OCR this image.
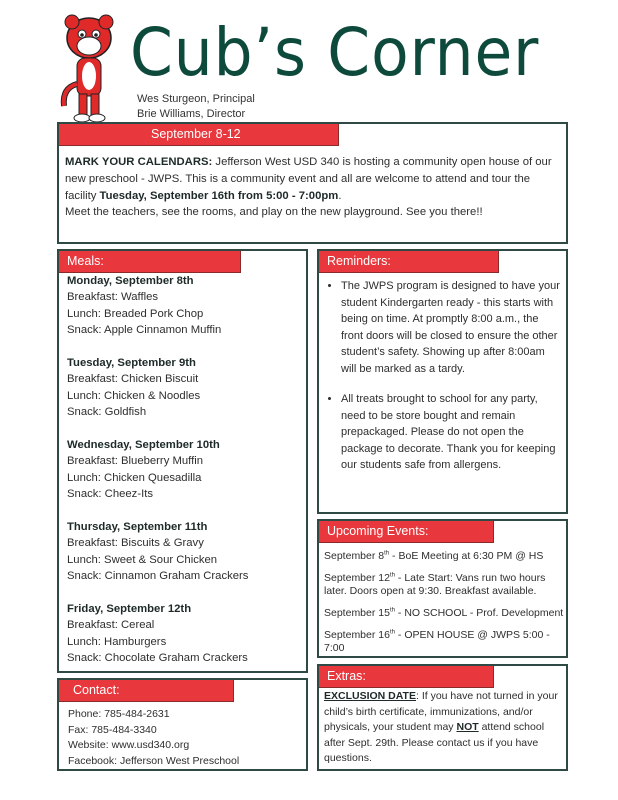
Cub’s Corner
Wes Sturgeon, Principal
Brie Williams, Director
September 8-12
MARK YOUR CALENDARS: Jefferson West USD 340 is hosting a community open house of our new preschool - JWPS. This is a community event and all are welcome to attend and tour the facility Tuesday, September 16th from 5:00 - 7:00pm.
Meet the teachers, see the rooms, and play on the new playground. See you there!!
Meals:
Monday, September 8th
Breakfast: Waffles
Lunch: Breaded Pork Chop
Snack: Apple Cinnamon Muffin
Tuesday, September 9th
Breakfast: Chicken Biscuit
Lunch: Chicken & Noodles
Snack: Goldfish
Wednesday, September 10th
Breakfast: Blueberry Muffin
Lunch: Chicken Quesadilla
Snack: Cheez-Its
Thursday, September 11th
Breakfast: Biscuits & Gravy
Lunch: Sweet & Sour Chicken
Snack: Cinnamon Graham Crackers
Friday, September 12th
Breakfast: Cereal
Lunch: Hamburgers
Snack: Chocolate Graham Crackers
Contact:
Phone: 785-484-2631
Fax: 785-484-3340
Website: www.usd340.org
Facebook: Jefferson West Preschool
Reminders:
• The JWPS program is designed to have your student Kindergarten ready - this starts with being on time. At promptly 8:00 a.m., the front doors will be closed to ensure the other student’s safety. Showing up after 8:00am will be marked as a tardy.
• All treats brought to school for any party, need to be store bought and remain prepackaged. Please do not open the package to decorate. Thank you for keeping our students safe from allergens.
Upcoming Events:
September 8th - BoE Meeting at 6:30 PM @ HS
September 12th - Late Start: Vans run two hours later. Doors open at 9:30. Breakfast available.
September 15th - NO SCHOOL - Prof. Development
September 16th - OPEN HOUSE @ JWPS 5:00 - 7:00
Extras:
EXCLUSION DATE: If you have not turned in your child’s birth certificate, immunizations, and/or physicals, your student may NOT attend school after Sept. 29th. Please contact us if you have questions.
